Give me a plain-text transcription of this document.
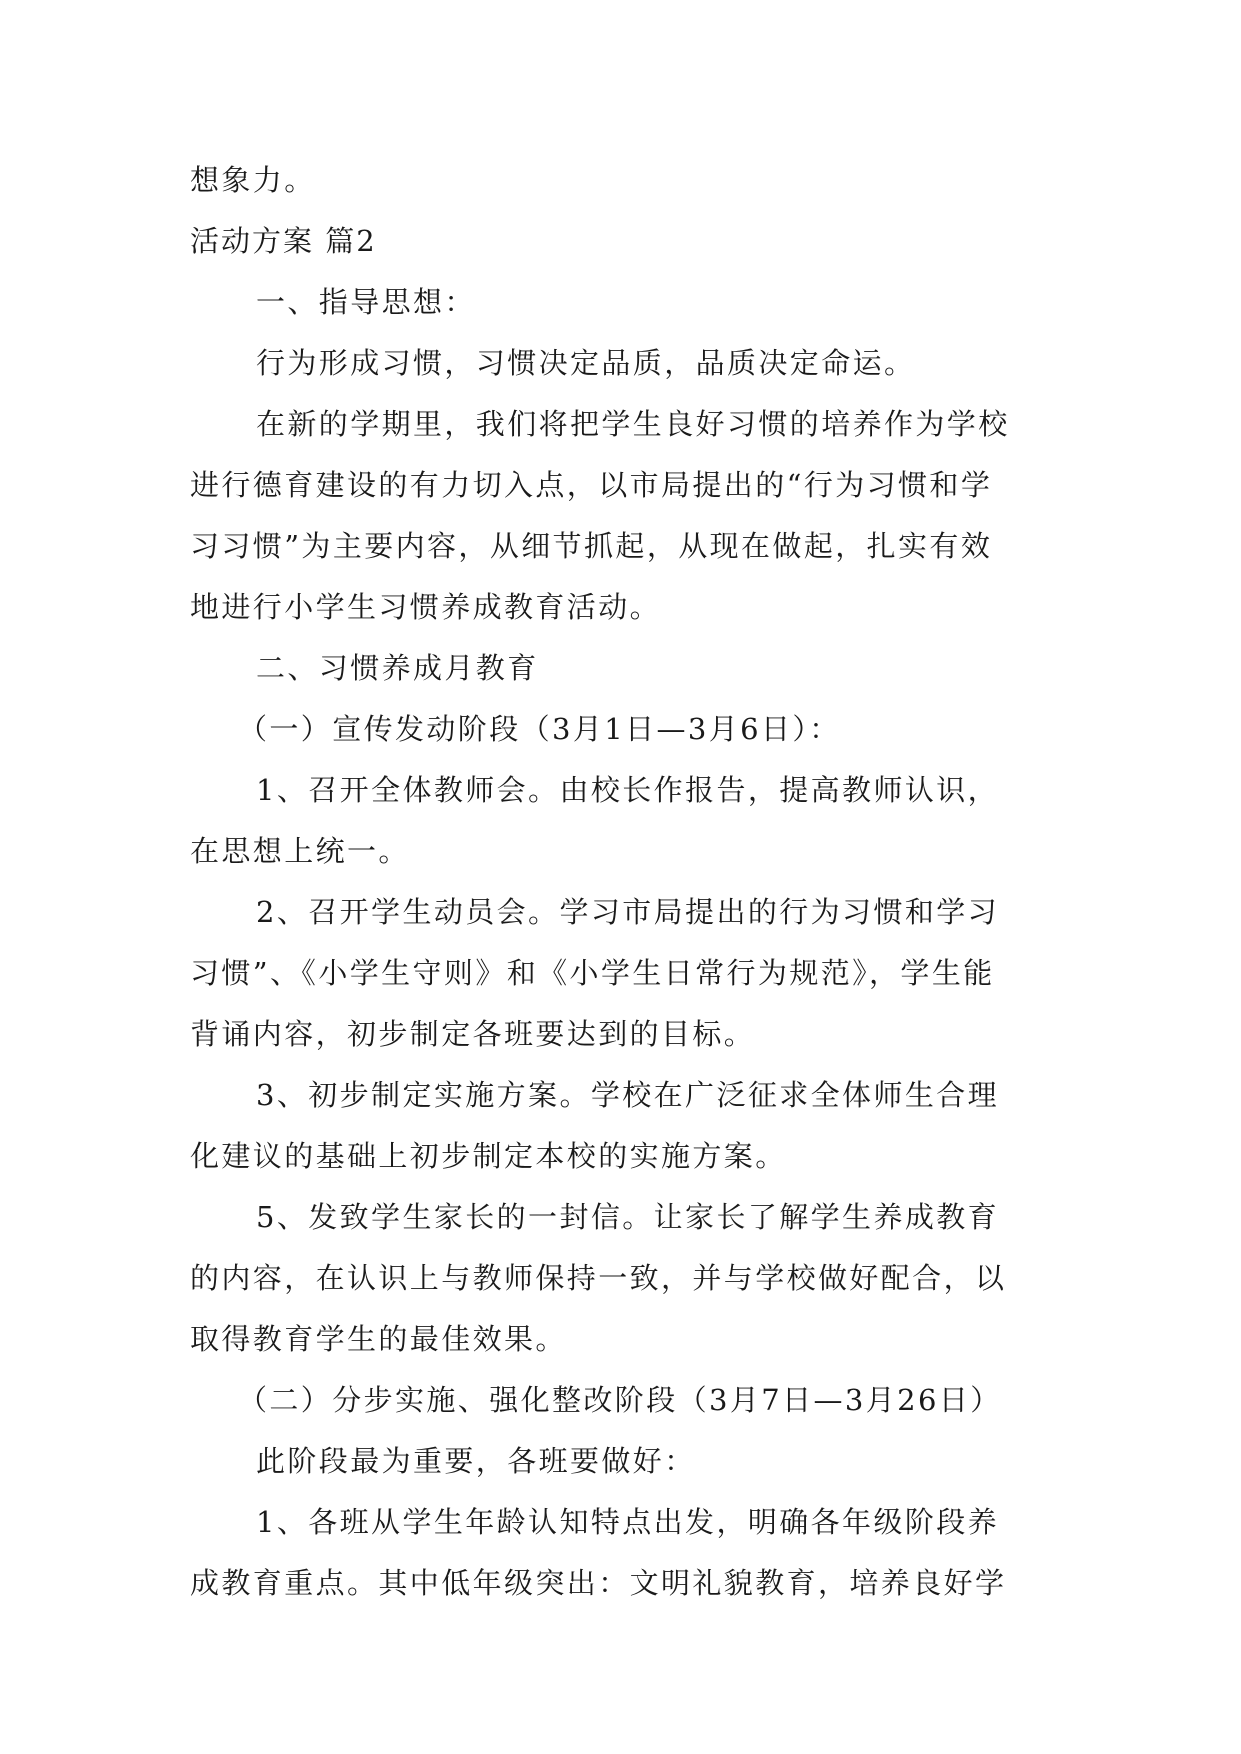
想象力。
活动方案 篇2
一、指导思想：
行为形成习惯，习惯决定品质，品质决定命运。
在新的学期里，我们将把学生良好习惯的培养作为学校
进行德育建设的有力切入点，以市局提出的“行为习惯和学
习习惯”为主要内容，从细节抓起，从现在做起，扎实有效
地进行小学生习惯养成教育活动。
二、习惯养成月教育
（一）宣传发动阶段（3月1日—3月6日）：
1、召开全体教师会。由校长作报告，提高教师认识，
在思想上统一。
2、召开学生动员会。学习市局提出的行为习惯和学习
习惯”、《小学生守则》和《小学生日常行为规范》，学生能
背诵内容，初步制定各班要达到的目标。
3、初步制定实施方案。学校在广泛征求全体师生合理
化建议的基础上初步制定本校的实施方案。
5、发致学生家长的一封信。让家长了解学生养成教育
的内容，在认识上与教师保持一致，并与学校做好配合，以
取得教育学生的最佳效果。
（二）分步实施、强化整改阶段（3月7日—3月26日）
此阶段最为重要，各班要做好：
1、各班从学生年龄认知特点出发，明确各年级阶段养
成教育重点。其中低年级突出：文明礼貌教育，培养良好学
